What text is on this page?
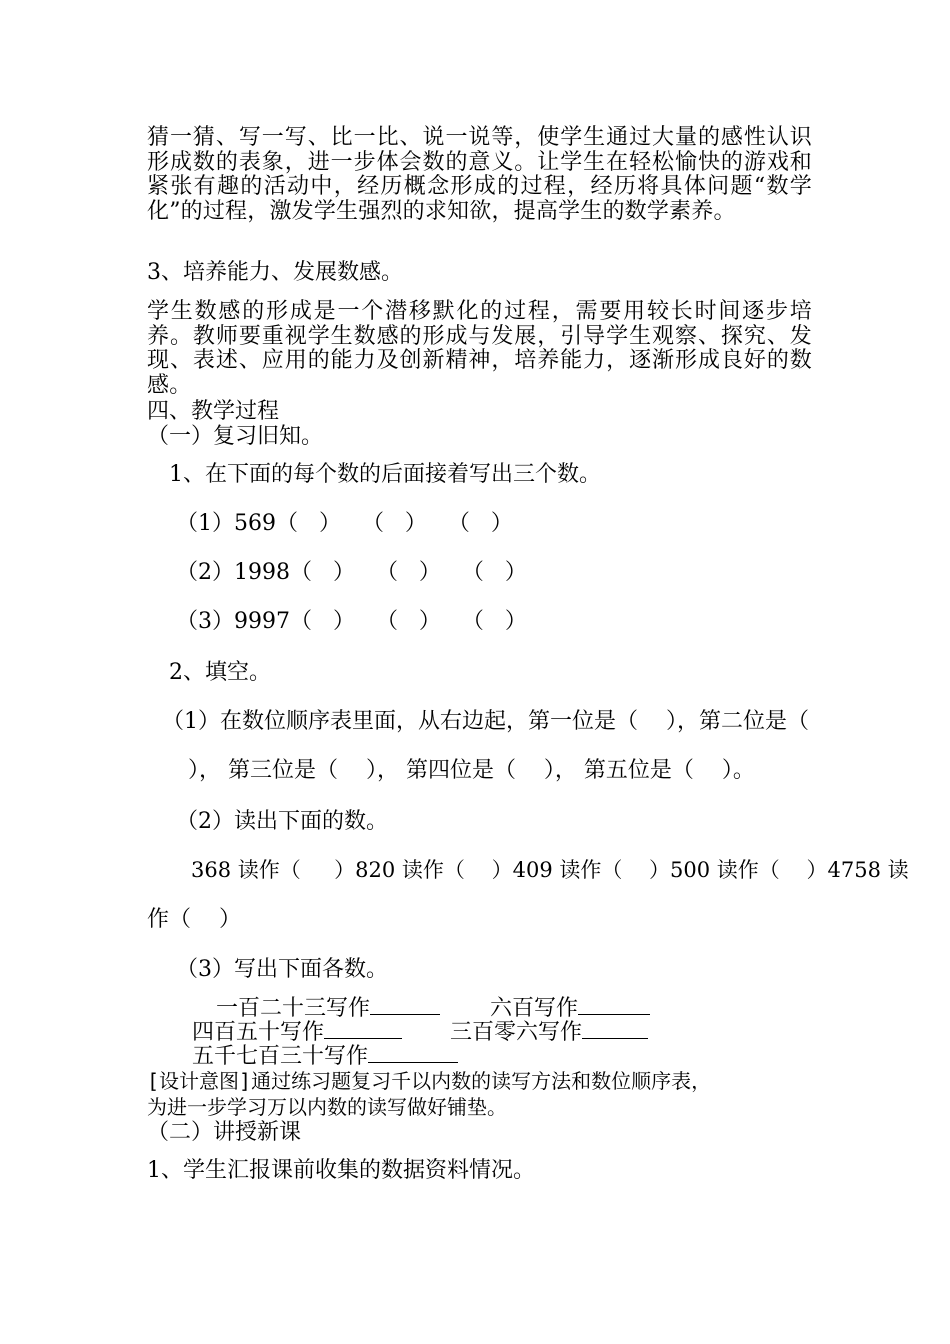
猜一猜、写一写、比一比、说一说等，使学生通过大量的感性认识形成数的表象，进一步体会数的意义。让学生在轻松愉快的游戏和紧张有趣的活动中，经历概念形成的过程，经历将具体问题“数学化”的过程，激发学生强烈的求知欲，提高学生的数学素养。
3、培养能力、发展数感。
学生数感的形成是一个潜移默化的过程，需要用较长时间逐步培养。教师要重视学生数感的形成与发展，引导学生观察、探究、发现、表述、应用的能力及创新精神，培养能力，逐渐形成良好的数感。
四、教学过程
（一）复习旧知。
1、在下面的每个数的后面接着写出三个数。
（1）569（   ）   （   ）   （   ）
（2）1998（   ）   （   ）   （   ）
（3）9997（   ）   （   ）   （   ）
2、填空。
（1）在数位顺序表里面，从右边起，第一位是（    ），第二位是（
）， 第三位是（    ）， 第四位是（    ）， 第五位是（    ）。
（2）读出下面的数。
368 读作（     ）820 读作（    ）409 读作（    ）500 读作（    ）4758 读
作（    ）
（3）写出下面各数。
一百二十三写作	六百写作
四百五十写作	三百零六写作
五千七百三十写作
[设计意图]通过练习题复习千以内数的读写方法和数位顺序表，
为进一步学习万以内数的读写做好铺垫。
（二）讲授新课
1、学生汇报课前收集的数据资料情况。
